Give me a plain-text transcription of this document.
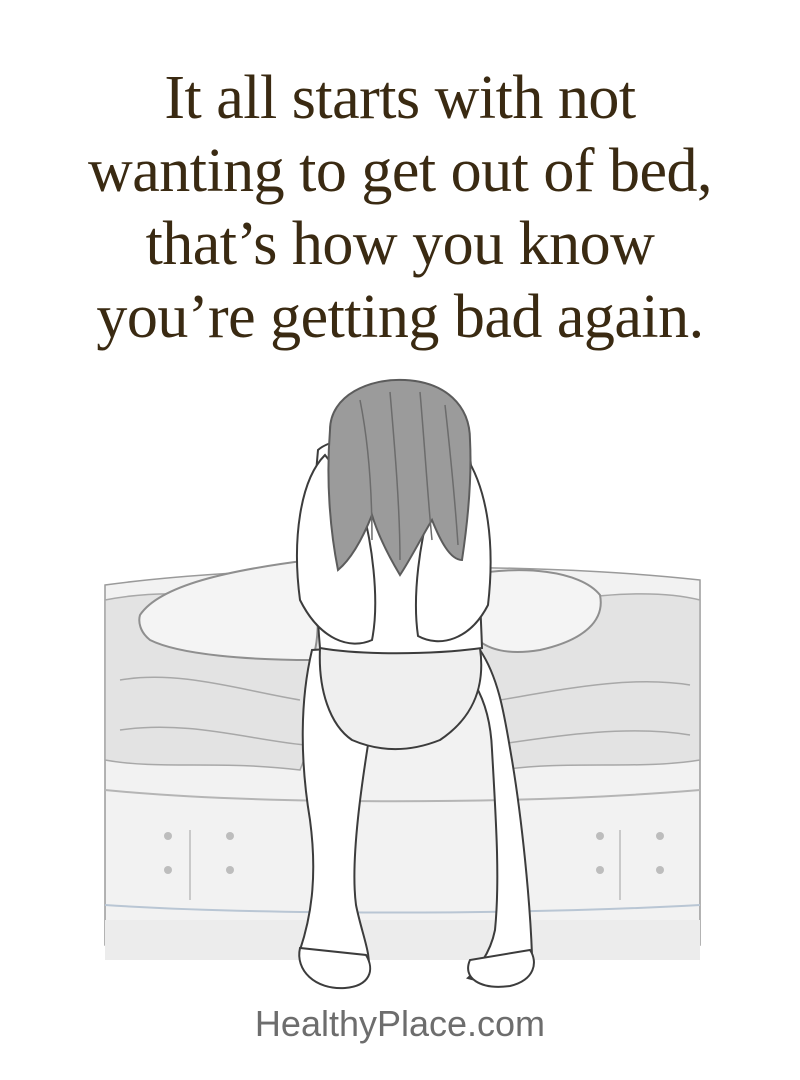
It all starts with not
wanting to get out of bed,
that’s how you know
you’re getting bad again.
HealthyPlace.com
